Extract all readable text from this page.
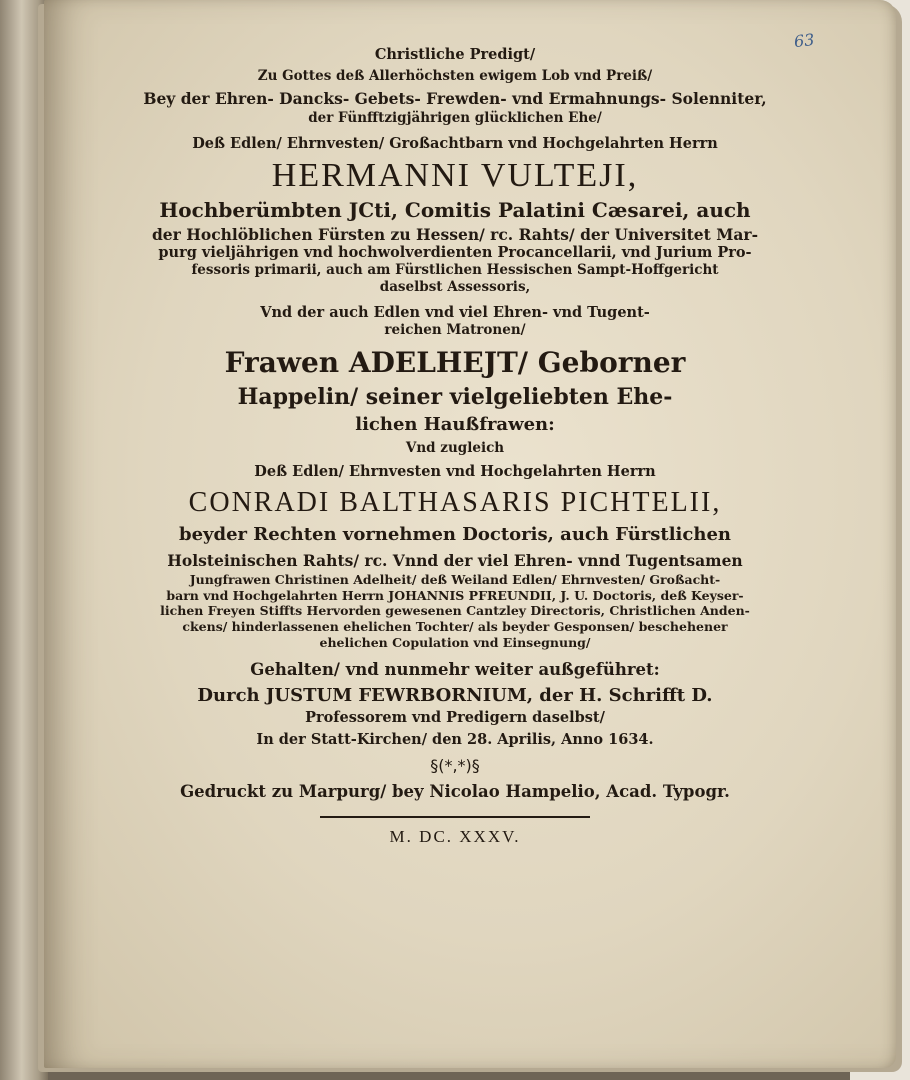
63
Christliche Predigt/
Zu Gottes deß Allerhöchsten ewigem Lob vnd Preiß/
Bey der Ehren- Dancks- Gebets- Frewden- vnd Ermahnungs- Solenniter,
der Fünfftzigjährigen glücklichen Ehe/
Deß Edlen/ Ehrnvesten/ Großachtbarn vnd Hochgelahrten Herrn
HERMANNI VULTEJI,
Hochberümbten JCti, Comitis Palatini Cæsarei, auch
der Hochlöblichen Fürsten zu Hessen/ rc. Rahts/ der Universitet Mar-
purg vieljährigen vnd hochwolverdienten Procancellarii, vnd Jurium Pro-
fessoris primarii, auch am Fürstlichen Hessischen Sampt-Hoffgericht
daselbst Assessoris,
Vnd der auch Edlen vnd viel Ehren- vnd Tugent-
reichen Matronen/
Frawen ADELHEJT/ Geborner
Happelin/ seiner vielgeliebten Ehe-
lichen Haußfrawen:
Vnd zugleich
Deß Edlen/ Ehrnvesten vnd Hochgelahrten Herrn
CONRADI BALTHASARIS PICHTELII,
beyder Rechten vornehmen Doctoris, auch Fürstlichen
Holsteinischen Rahts/ rc. Vnnd der viel Ehren- vnnd Tugentsamen
Jungfrawen Christinen Adelheit/ deß Weiland Edlen/ Ehrnvesten/ Großacht-
barn vnd Hochgelahrten Herrn JOHANNIS PFREUNDII, J. U. Doctoris, deß Keyser-
lichen Freyen Stiffts Hervorden gewesenen Cantzley Directoris, Christlichen Anden-
ckens/ hinderlassenen ehelichen Tochter/ als beyder Gesponsen/ beschehener
ehelichen Copulation vnd Einsegnung/
Gehalten/ vnd nunmehr weiter außgeführet:
Durch JUSTUM FEWRBORNIUM, der H. Schrifft D.
Professorem vnd Predigern daselbst/
In der Statt-Kirchen/ den 28. Aprilis, Anno 1634.
§(*,*)§
Gedruckt zu Marpurg/ bey Nicolao Hampelio, Acad. Typogr.
M. DC. XXXV.
